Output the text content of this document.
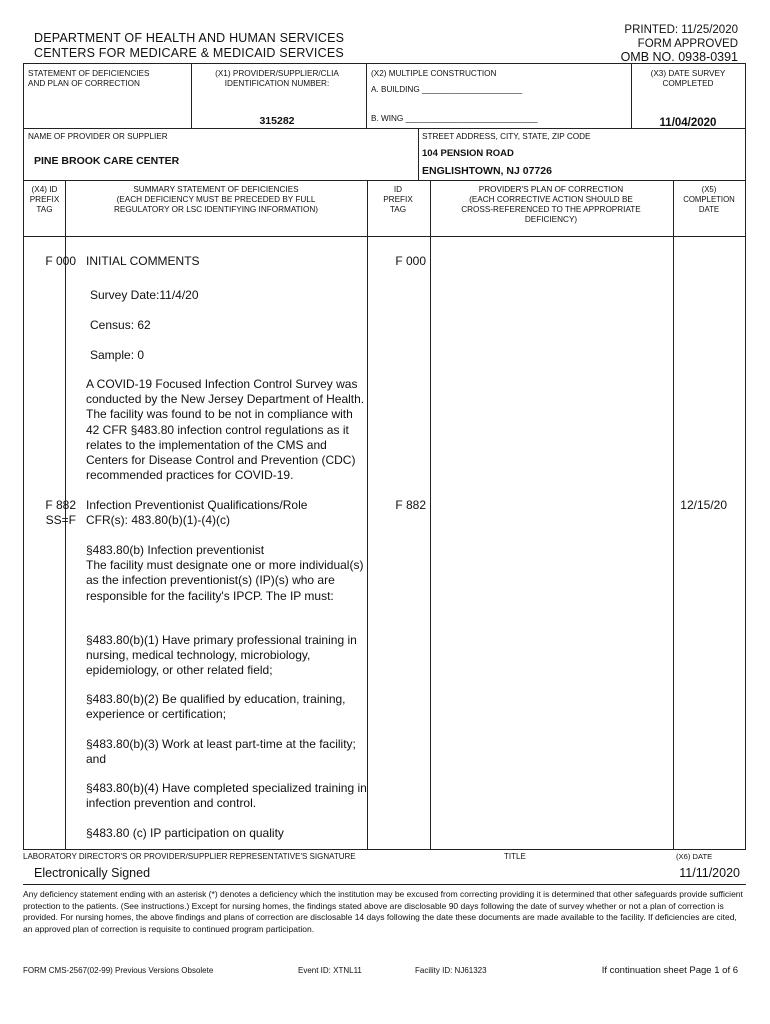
DEPARTMENT OF HEALTH AND HUMAN SERVICES
CENTERS FOR MEDICARE & MEDICAID SERVICES
PRINTED: 11/25/2020
FORM APPROVED
OMB NO. 0938-0391
STATEMENT OF DEFICIENCIES
AND PLAN OF CORRECTION
(X1) PROVIDER/SUPPLIER/CLIA
IDENTIFICATION NUMBER:
315282
(X2) MULTIPLE CONSTRUCTION
A. BUILDING ______________________
B. WING _____________________________
(X3) DATE SURVEY
COMPLETED
11/04/2020
NAME OF PROVIDER OR SUPPLIER
PINE BROOK CARE CENTER
STREET ADDRESS, CITY, STATE, ZIP CODE
104 PENSION ROAD
ENGLISHTOWN, NJ 07726
(X4) ID
PREFIX
TAG
SUMMARY STATEMENT OF DEFICIENCIES
(EACH DEFICIENCY MUST BE PRECEDED BY FULL
REGULATORY OR LSC IDENTIFYING INFORMATION)
ID
PREFIX
TAG
PROVIDER'S PLAN OF CORRECTION
(EACH CORRECTIVE ACTION SHOULD BE
CROSS-REFERENCED TO THE APPROPRIATE
DEFICIENCY)
(X5)
COMPLETION
DATE
F 000 INITIAL COMMENTS	F 000
Survey Date:11/4/20
Census: 62
Sample: 0
A COVID-19 Focused Infection Control Survey was conducted by the New Jersey Department of Health. The facility was found to be not in compliance with 42 CFR §483.80 infection control regulations as it relates to the implementation of the CMS and Centers for Disease Control and Prevention (CDC) recommended practices for COVID-19.
F 882
SS=F
Infection Preventionist Qualifications/Role
CFR(s): 483.80(b)(1)-(4)(c)
F 882	12/15/20
§483.80(b) Infection preventionist
The facility must designate one or more individual(s) as the infection preventionist(s) (IP)(s) who are responsible for the facility's IPCP. The IP must:
§483.80(b)(1) Have primary professional training in nursing, medical technology, microbiology, epidemiology, or other related field;
§483.80(b)(2) Be qualified by education, training, experience or certification;
§483.80(b)(3) Work at least part-time at the facility; and
§483.80(b)(4) Have completed specialized training in infection prevention and control.
§483.80 (c) IP participation on quality
LABORATORY DIRECTOR'S OR PROVIDER/SUPPLIER REPRESENTATIVE'S SIGNATURE	TITLE	(X6) DATE
Electronically Signed	11/11/2020
Any deficiency statement ending with an asterisk (*) denotes a deficiency which the institution may be excused from correcting providing it is determined that other safeguards provide sufficient protection to the patients. (See instructions.) Except for nursing homes, the findings stated above are disclosable 90 days following the date of survey whether or not a plan of correction is provided. For nursing homes, the above findings and plans of correction are disclosable 14 days following the date these documents are made available to the facility. If deficiencies are cited, an approved plan of correction is requisite to continued program participation.
FORM CMS-2567(02-99) Previous Versions Obsolete	Event ID: XTNL11	Facility ID: NJ61323	If continuation sheet Page 1 of 6
